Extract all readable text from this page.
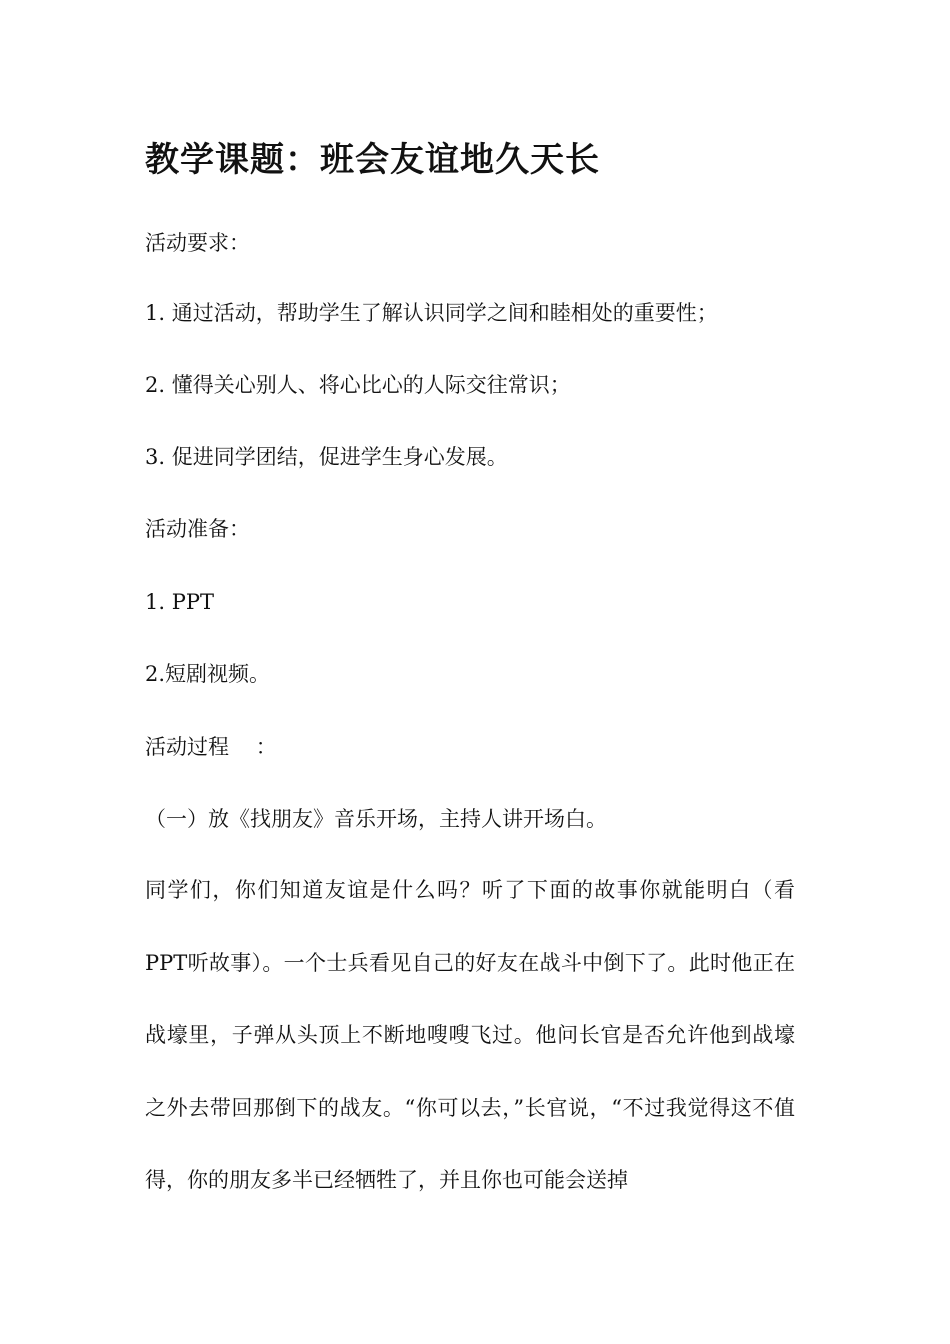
教学课题：班会友谊地久天长

活动要求：

1. 通过活动，帮助学生了解认识同学之间和睦相处的重要性；

2. 懂得关心别人、将心比心的人际交往常识；

3. 促进同学团结，促进学生身心发展。

活动准备：

1. PPT

2.短剧视频。

活动过程    ：

（一）放《找朋友》音乐开场，主持人讲开场白。

同学们，你们知道友谊是什么吗？听了下面的故事你就能明白（看PPT听故事）。一个士兵看见自己的好友在战斗中倒下了。此时他正在战壕里，子弹从头顶上不断地嗖嗖飞过。他问长官是否允许他到战壕之外去带回那倒下的战友。“你可以去，”长官说，“不过我觉得这不值得，你的朋友多半已经牺牲了，并且你也可能会送掉
